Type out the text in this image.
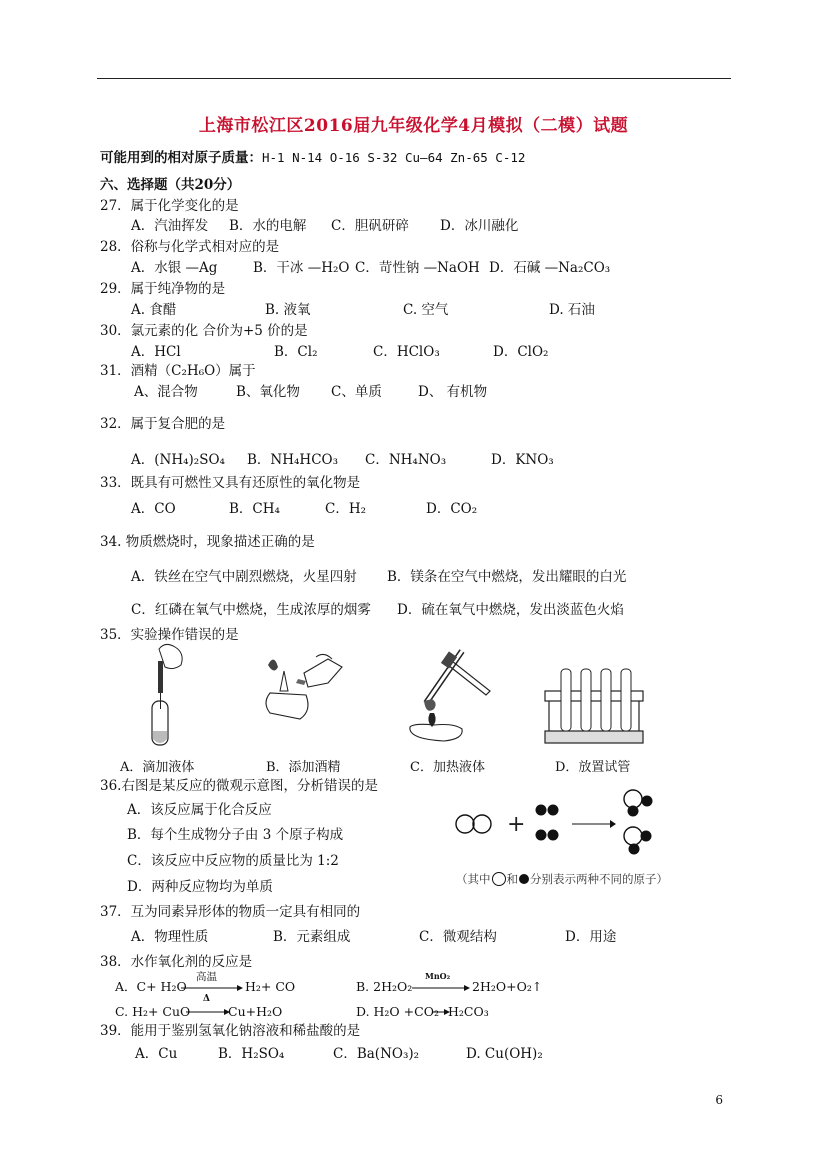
上海市松江区2016届九年级化学4月模拟（二模）试题
可能用到的相对原子质量：H-1 N-14 O-16 S-32 Cu—64 Zn-65 C-12
六、选择题（共20分）
27．属于化学变化的是
A．汽油挥发 B．水的电解 C．胆矾研碎 D．冰川融化
28．俗称与化学式相对应的是
A．水银 —Ag	B．干冰 —H₂O C．苛性钠 —NaOH D．石碱 —Na₂CO₃
29．属于纯净物的是
A. 食醋	B. 液氧	C. 空气	D. 石油
30．氯元素的化 合价为+5 价的是
A．HCl	B．Cl₂	C．HClO₃	D．ClO₂
31．酒精（C₂H₆O）属于
A、混合物	B、氧化物 C、单质	D、 有机物
32．属于复合肥的是
A．(NH₄)₂SO₄ B．NH₄HCO₃ C．NH₄NO₃	D．KNO₃
33．既具有可燃性又具有还原性的氧化物是
A．CO	B．CH₄	C．H₂	D．CO₂
34. 物质燃烧时，现象描述正确的是
A．铁丝在空气中剧烈燃烧，火星四射 B．镁条在空气中燃烧，发出耀眼的白光
C．红磷在氧气中燃烧，生成浓厚的烟雾 D．硫在氧气中燃烧，发出淡蓝色火焰
35．实验操作错误的是
A．滴加液体	B．添加酒精	C．加热液体	D．放置试管
36.右图是某反应的微观示意图，分析错误的是
A．该反应属于化合反应
B．每个生成物分子由 3 个原子构成
C．该反应中反应物的质量比为 1:2
D．两种反应物均为单质
+
（其中 和 分别表示两种不同的原子）
37．互为同素异形体的物质一定具有相同的
A．物理性质	B．元素组成	C．微观结构	D．用途
38．水作氧化剂的反应是
A．C+ H₂O
高温
H₂+ CO	B. 2H₂O₂
MnO₂
2H₂O+O₂↑
C. H₂+ CuO
Δ
Cu+H₂O	D. H₂O +CO₂ H₂CO₃
39．能用于鉴别氢氧化钠溶液和稀盐酸的是
A．Cu	B．H₂SO₄	C．Ba(NO₃)₂	D. Cu(OH)₂
6
